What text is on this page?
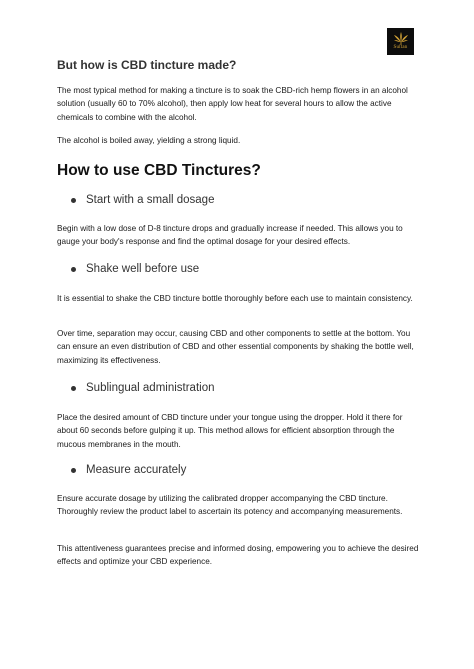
Sultan
But how is CBD tincture made?

The most typical method for making a tincture is to soak the CBD-rich hemp flowers in an alcohol solution (usually 60 to 70% alcohol), then apply low heat for several hours to allow the active chemicals to combine with the alcohol.

The alcohol is boiled away, yielding a strong liquid.

How to use CBD Tinctures?
Start with a small dosage

Begin with a low dose of D-8 tincture drops and gradually increase if needed. This allows you to gauge your body's response and find the optimal dosage for your desired effects.

Shake well before use

It is essential to shake the CBD tincture bottle thoroughly before each use to maintain consistency.

Over time, separation may occur, causing CBD and other components to settle at the bottom. You can ensure an even distribution of CBD and other essential components by shaking the bottle well, maximizing its effectiveness.

Sublingual administration

Place the desired amount of CBD tincture under your tongue using the dropper. Hold it there for about 60 seconds before gulping it up. This method allows for efficient absorption through the mucous membranes in the mouth.

Measure accurately

Ensure accurate dosage by utilizing the calibrated dropper accompanying the CBD tincture. Thoroughly review the product label to ascertain its potency and accompanying measurements.

This attentiveness guarantees precise and informed dosing, empowering you to achieve the desired effects and optimize your CBD experience.
